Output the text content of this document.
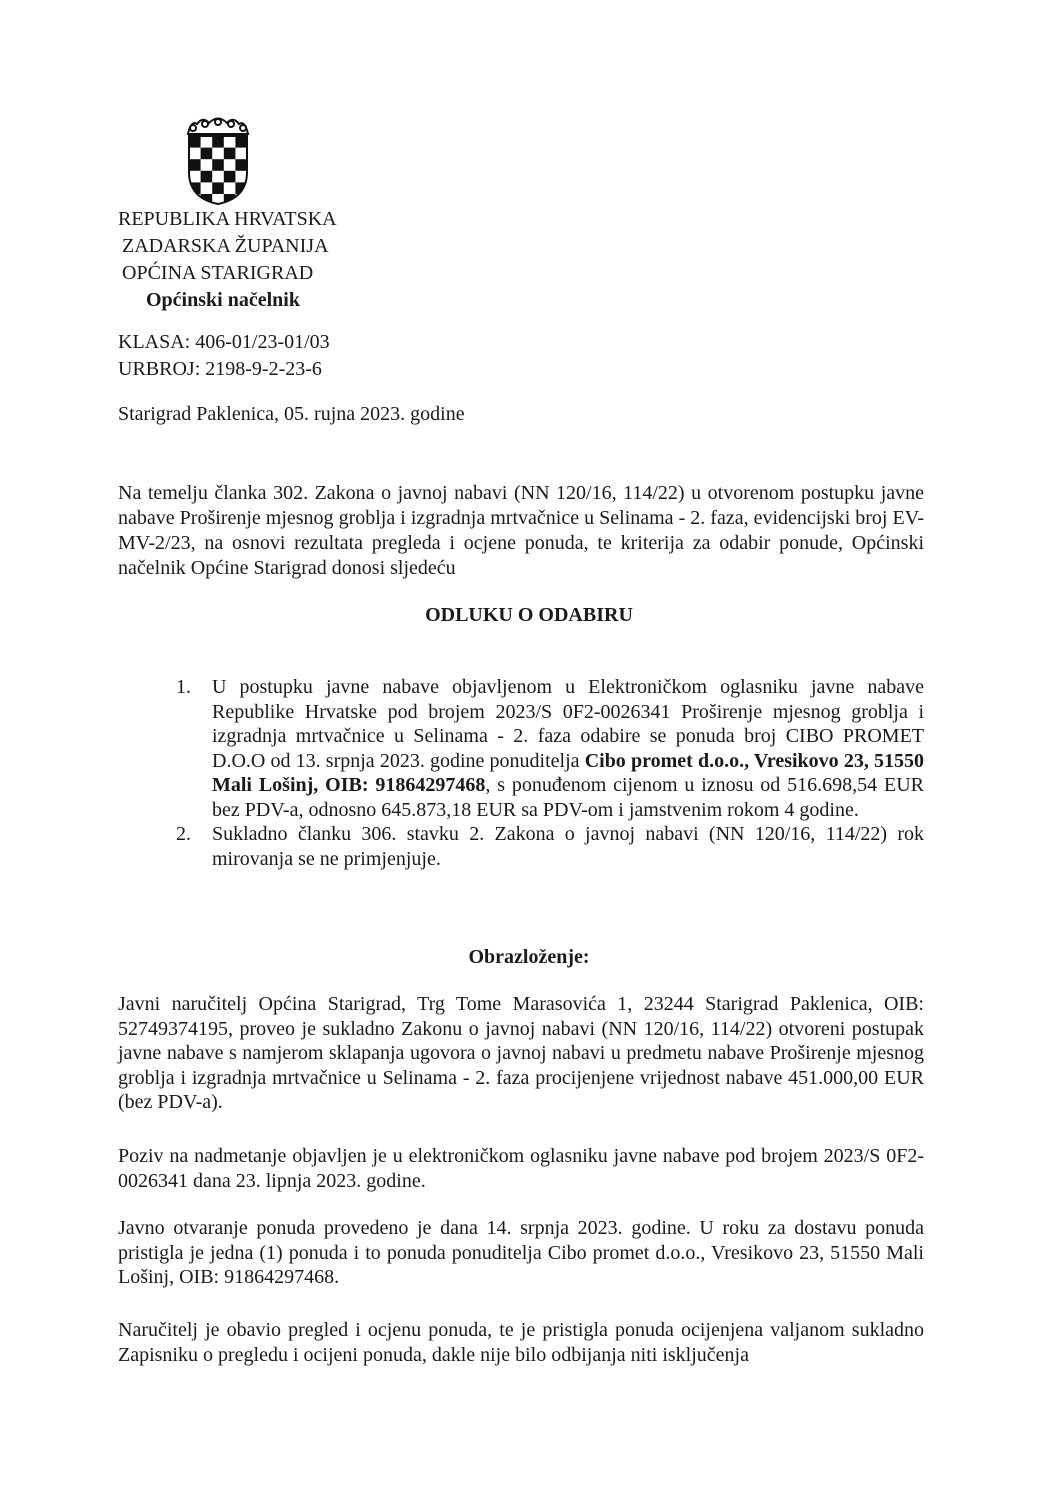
REPUBLIKA HRVATSKA
ZADARSKA ŽUPANIJA
OPĆINA STARIGRAD
Općinski načelnik
KLASA: 406-01/23-01/03
URBROJ: 2198-9-2-23-6
Starigrad Paklenica, 05. rujna 2023. godine
Na temelju članka 302. Zakona o javnoj nabavi (NN 120/16, 114/22) u otvorenom postupku javne nabave Proširenje mjesnog groblja i izgradnja mrtvačnice u Selinama - 2. faza, evidencijski broj EV-MV-2/23, na osnovi rezultata pregleda i ocjene ponuda, te kriterija za odabir ponude, Općinski načelnik Općine Starigrad donosi sljedeću
ODLUKU O ODABIRU
1. U postupku javne nabave objavljenom u Elektroničkom oglasniku javne nabave Republike Hrvatske pod brojem 2023/S 0F2-0026341 Proširenje mjesnog groblja i izgradnja mrtvačnice u Selinama - 2. faza odabire se ponuda broj CIBO PROMET D.O.O od 13. srpnja 2023. godine ponuditelja Cibo promet d.o.o., Vresikovo 23, 51550 Mali Lošinj, OIB: 91864297468, s ponuđenom cijenom u iznosu od 516.698,54 EUR bez PDV-a, odnosno 645.873,18 EUR sa PDV-om i jamstvenim rokom 4 godine.
2. Sukladno članku 306. stavku 2. Zakona o javnoj nabavi (NN 120/16, 114/22) rok mirovanja se ne primjenjuje.
Obrazloženje:
Javni naručitelj Općina Starigrad, Trg Tome Marasovića 1, 23244 Starigrad Paklenica, OIB: 52749374195, proveo je sukladno Zakonu o javnoj nabavi (NN 120/16, 114/22) otvoreni postupak javne nabave s namjerom sklapanja ugovora o javnoj nabavi u predmetu nabave Proširenje mjesnog groblja i izgradnja mrtvačnice u Selinama - 2. faza procijenjene vrijednost nabave 451.000,00 EUR (bez PDV-a).
Poziv na nadmetanje objavljen je u elektroničkom oglasniku javne nabave pod brojem 2023/S 0F2-0026341 dana 23. lipnja 2023. godine.
Javno otvaranje ponuda provedeno je dana 14. srpnja 2023. godine. U roku za dostavu ponuda pristigla je jedna (1) ponuda i to ponuda ponuditelja Cibo promet d.o.o., Vresikovo 23, 51550 Mali Lošinj, OIB: 91864297468.
Naručitelj je obavio pregled i ocjenu ponuda, te je pristigla ponuda ocijenjena valjanom sukladno Zapisniku o pregledu i ocijeni ponuda, dakle nije bilo odbijanja niti isključenja
